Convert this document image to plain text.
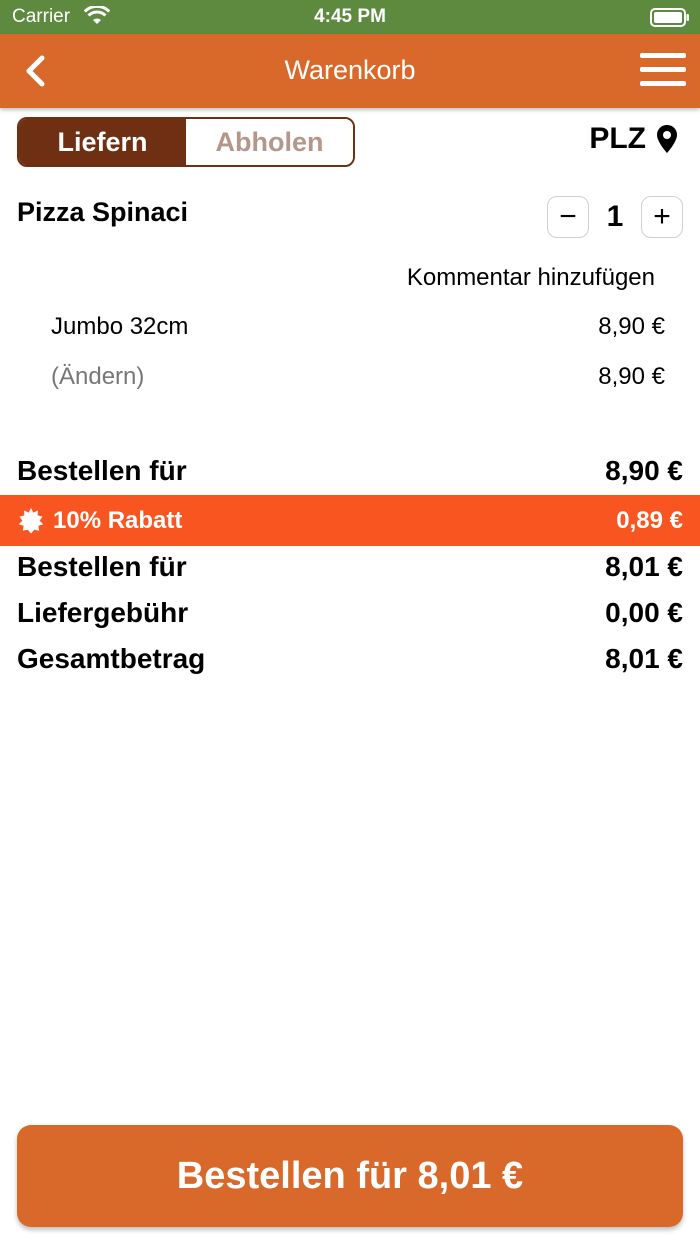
Carrier	4:45 PM
Warenkorb
Liefern	Abholen	PLZ
Pizza Spinaci	− 1 +
Kommentar hinzufügen
Jumbo 32cm	8,90 €
(Ändern)	8,90 €
Bestellen für	8,90 €
10% Rabatt	0,89 €
Bestellen für	8,01 €
Liefergebühr	0,00 €
Gesamtbetrag	8,01 €
Bestellen für 8,01 €
